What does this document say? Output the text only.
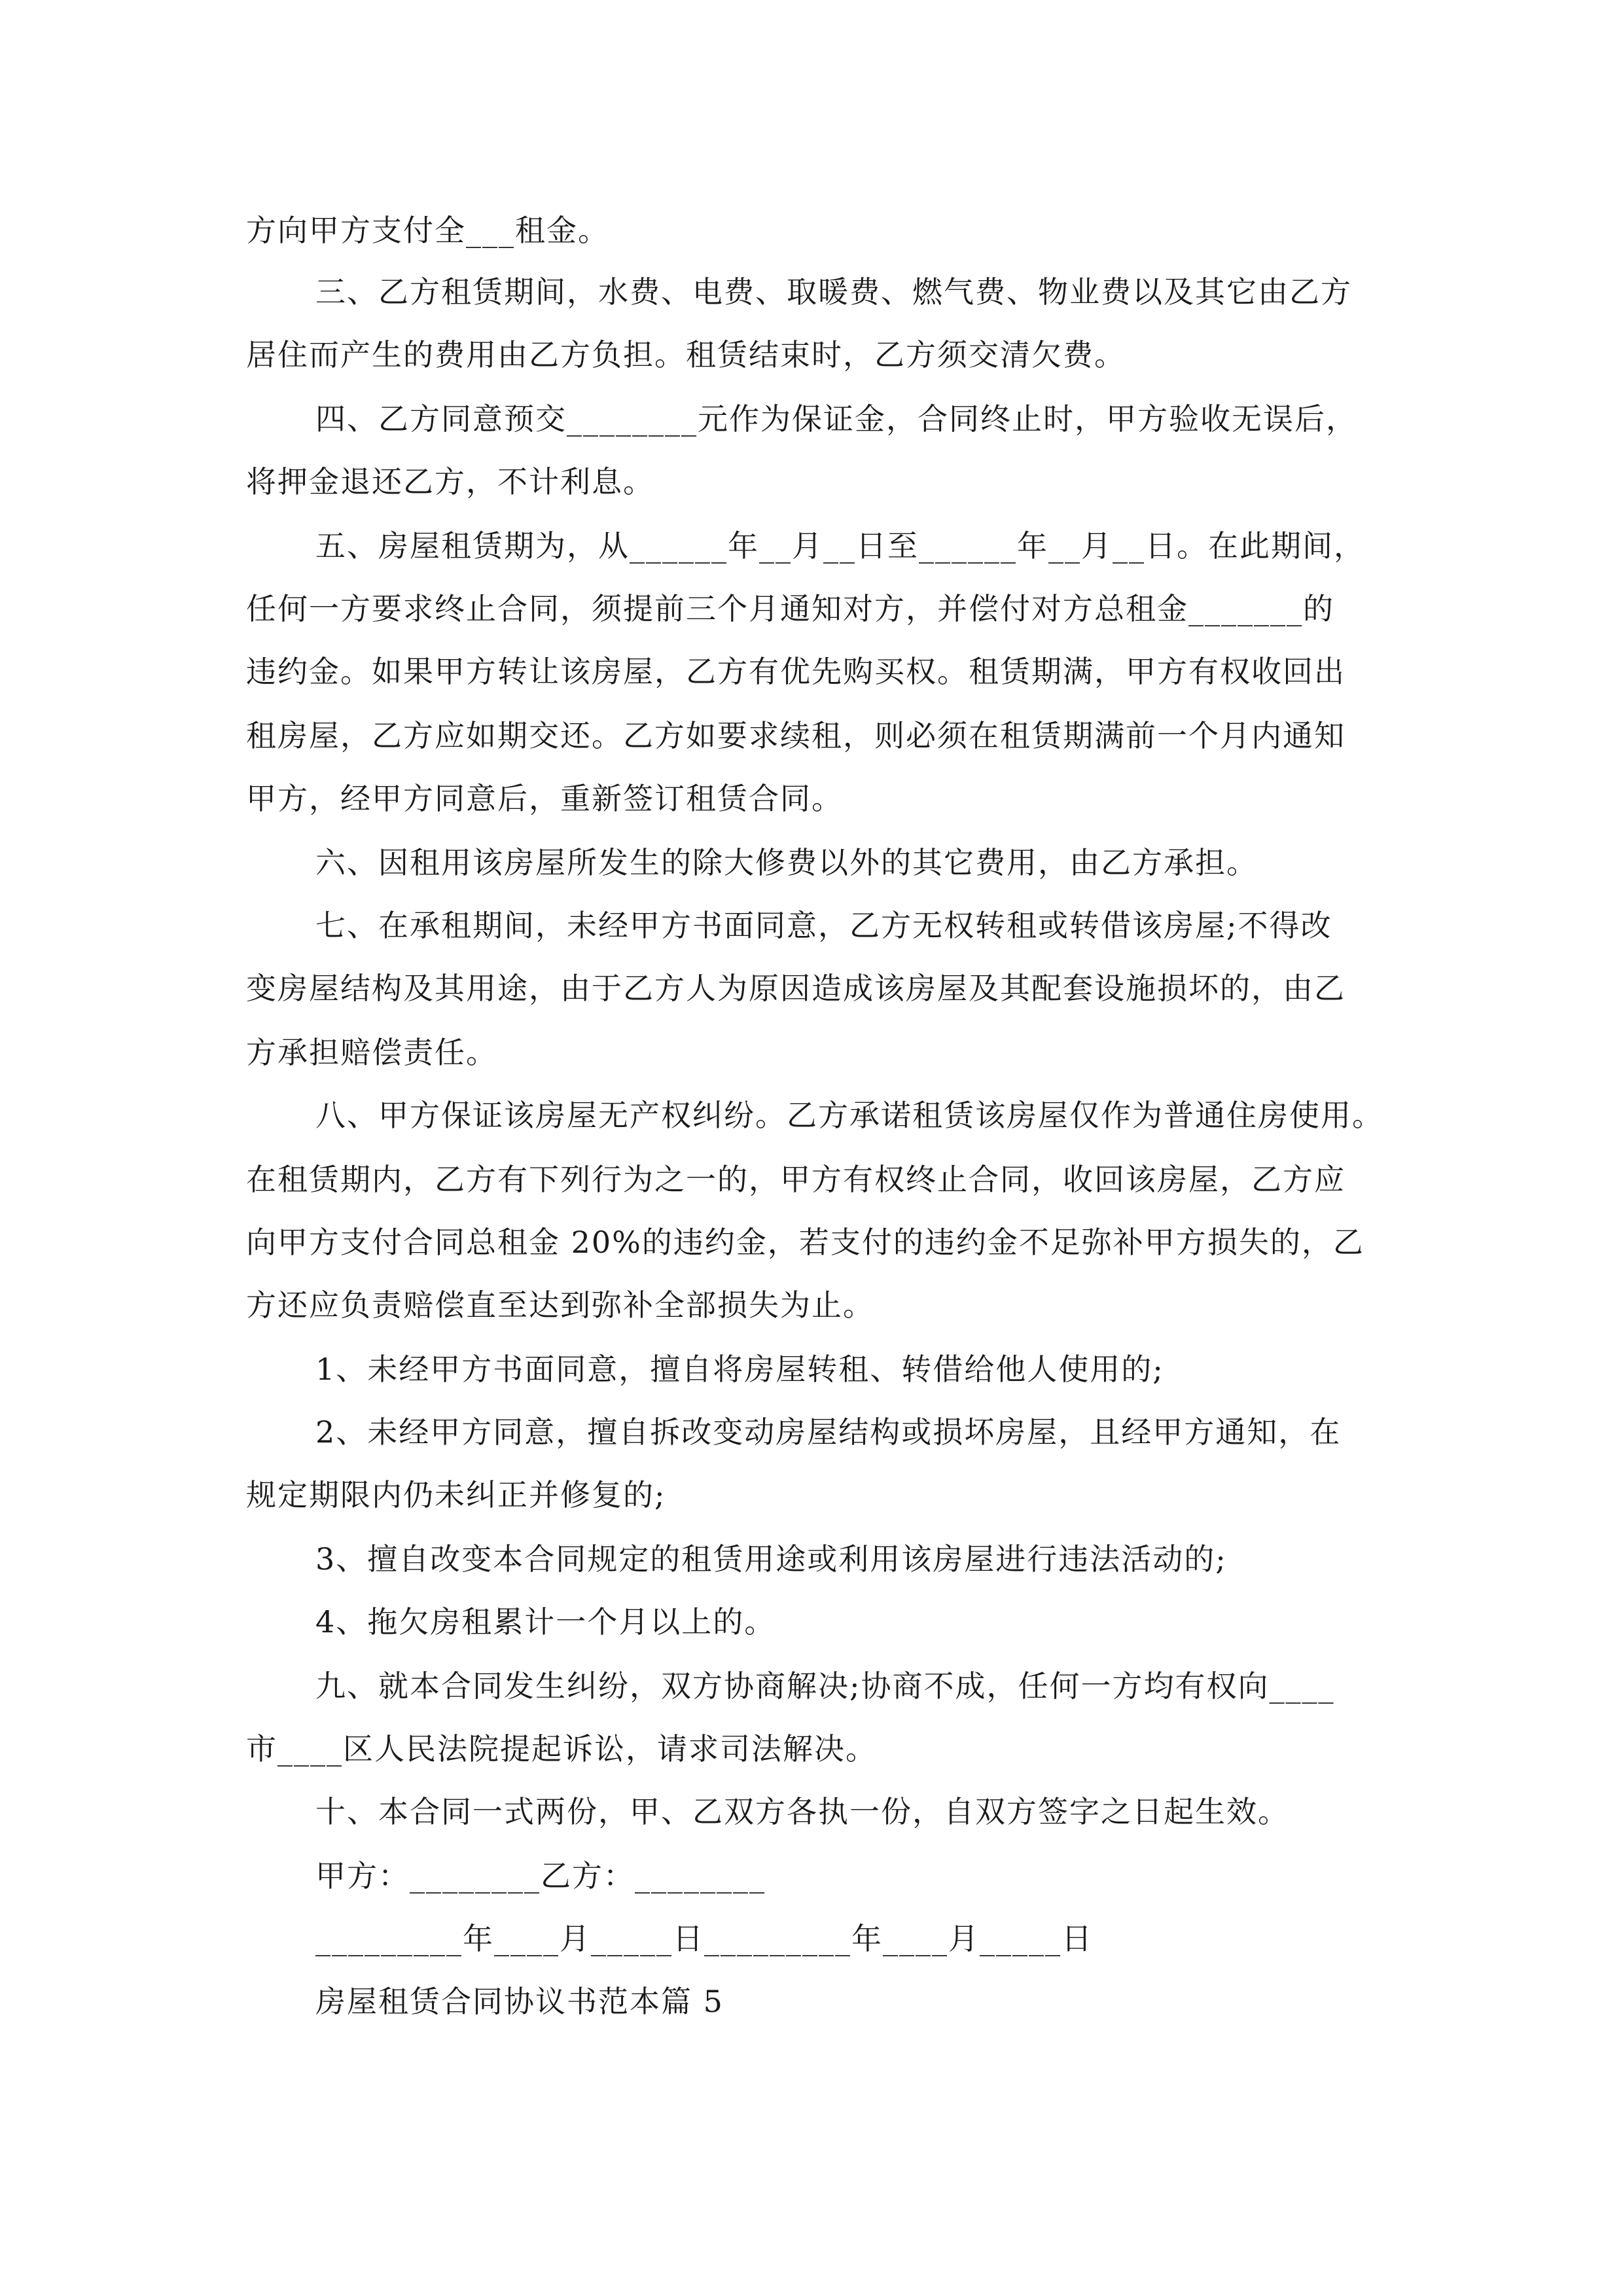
方向甲方支付全___租金。
三、乙方租赁期间，水费、电费、取暖费、燃气费、物业费以及其它由乙方
居住而产生的费用由乙方负担。租赁结束时，乙方须交清欠费。
四、乙方同意预交________元作为保证金，合同终止时，甲方验收无误后，
将押金退还乙方，不计利息。
五、房屋租赁期为，从______年__月__日至______年__月__日。在此期间，
任何一方要求终止合同，须提前三个月通知对方，并偿付对方总租金_______的
违约金。如果甲方转让该房屋，乙方有优先购买权。租赁期满，甲方有权收回出
租房屋，乙方应如期交还。乙方如要求续租，则必须在租赁期满前一个月内通知
甲方，经甲方同意后，重新签订租赁合同。
六、因租用该房屋所发生的除大修费以外的其它费用，由乙方承担。
七、在承租期间，未经甲方书面同意，乙方无权转租或转借该房屋;不得改
变房屋结构及其用途，由于乙方人为原因造成该房屋及其配套设施损坏的，由乙
方承担赔偿责任。
八、甲方保证该房屋无产权纠纷。乙方承诺租赁该房屋仅作为普通住房使用。
在租赁期内，乙方有下列行为之一的，甲方有权终止合同，收回该房屋，乙方应
向甲方支付合同总租金 20%的违约金，若支付的违约金不足弥补甲方损失的，乙
方还应负责赔偿直至达到弥补全部损失为止。
1、未经甲方书面同意，擅自将房屋转租、转借给他人使用的;
2、未经甲方同意，擅自拆改变动房屋结构或损坏房屋，且经甲方通知，在
规定期限内仍未纠正并修复的;
3、擅自改变本合同规定的租赁用途或利用该房屋进行违法活动的;
4、拖欠房租累计一个月以上的。
九、就本合同发生纠纷，双方协商解决;协商不成，任何一方均有权向____
市____区人民法院提起诉讼，请求司法解决。
十、本合同一式两份，甲、乙双方各执一份，自双方签字之日起生效。
甲方：________乙方：________
_________年____月_____日_________年____月_____日
房屋租赁合同协议书范本篇 5
